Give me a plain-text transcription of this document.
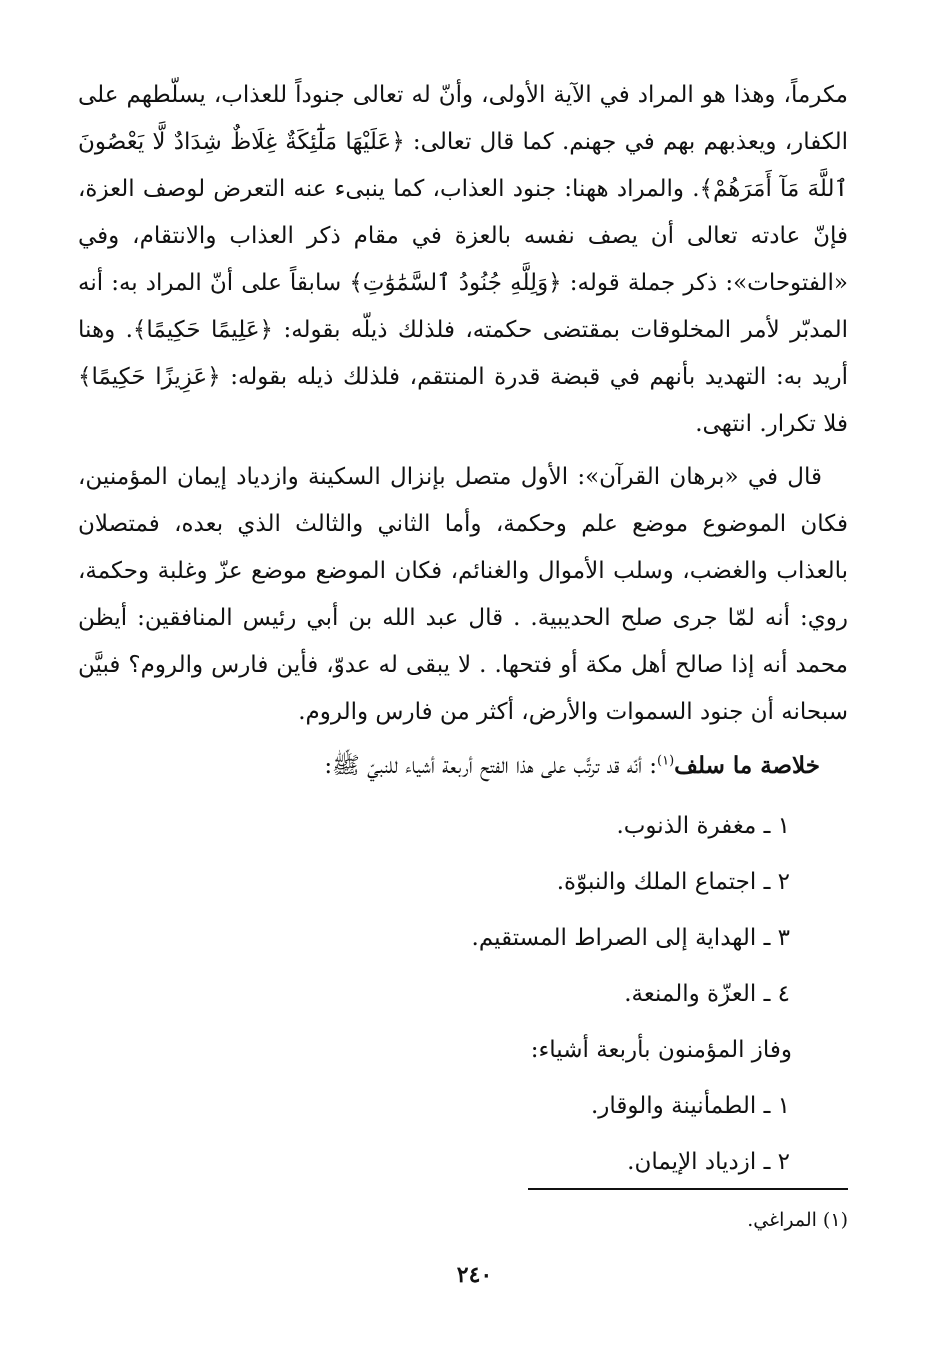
مكرماً، وهذا هو المراد في الآية الأولى، وأنّ له تعالى جنوداً للعذاب، يسلّطهم على الكفار، ويعذبهم بهم في جهنم. كما قال تعالى: ﴿عَلَيْهَا مَلَٰٓئِكَةٌ غِلَاظٌ شِدَادٌ لَّا يَعْصُونَ ٱللَّهَ مَآ أَمَرَهُمْ﴾. والمراد ههنا: جنود العذاب، كما ينبىء عنه التعرض لوصف العزة، فإنّ عادته تعالى أن يصف نفسه بالعزة في مقام ذكر العذاب والانتقام، وفي «الفتوحات»: ذكر جملة قوله: ﴿وَلِلَّهِ جُنُودُ ٱلسَّمَٰوَٰتِ﴾ سابقاً على أنّ المراد به: أنه المدبّر لأمر المخلوقات بمقتضى حكمته، فلذلك ذيلّه بقوله: ﴿عَلِيمًا حَكِيمًا﴾. وهنا أريد به: التهديد بأنهم في قبضة قدرة المنتقم، فلذلك ذيله بقوله: ﴿عَزِيزًا حَكِيمًا﴾ فلا تكرار. انتهى.

قال في «برهان القرآن»: الأول متصل بإنزال السكينة وازدياد إيمان المؤمنين، فكان الموضوع موضع علم وحكمة، وأما الثاني والثالث الذي بعده، فمتصلان بالعذاب والغضب، وسلب الأموال والغنائم، فكان الموضع موضع عزّ وغلبة وحكمة، روي: أنه لمّا جرى صلح الحديبية. . قال عبد الله بن أبي رئيس المنافقين: أيظن محمد أنه إذا صالح أهل مكة أو فتحها. . لا يبقى له عدوّ، فأين فارس والروم؟ فبيَّن سبحانه أن جنود السموات والأرض، أكثر من فارس والروم.

خلاصة ما سلف$^{(١)}$: أنّه قد ترتَّب على هذا الفتح أربعة أشياء للنبيّ ﷺ:

١ ـ مغفرة الذنوب.
٢ ـ اجتماع الملك والنبوّة.
٣ ـ الهداية إلى الصراط المستقيم.
٤ ـ العزّة والمنعة.
وفاز المؤمنون بأربعة أشياء:
١ ـ الطمأنينة والوقار.
٢ ـ ازدياد الإيمان.
(١) المراغي.
٢٤٠
